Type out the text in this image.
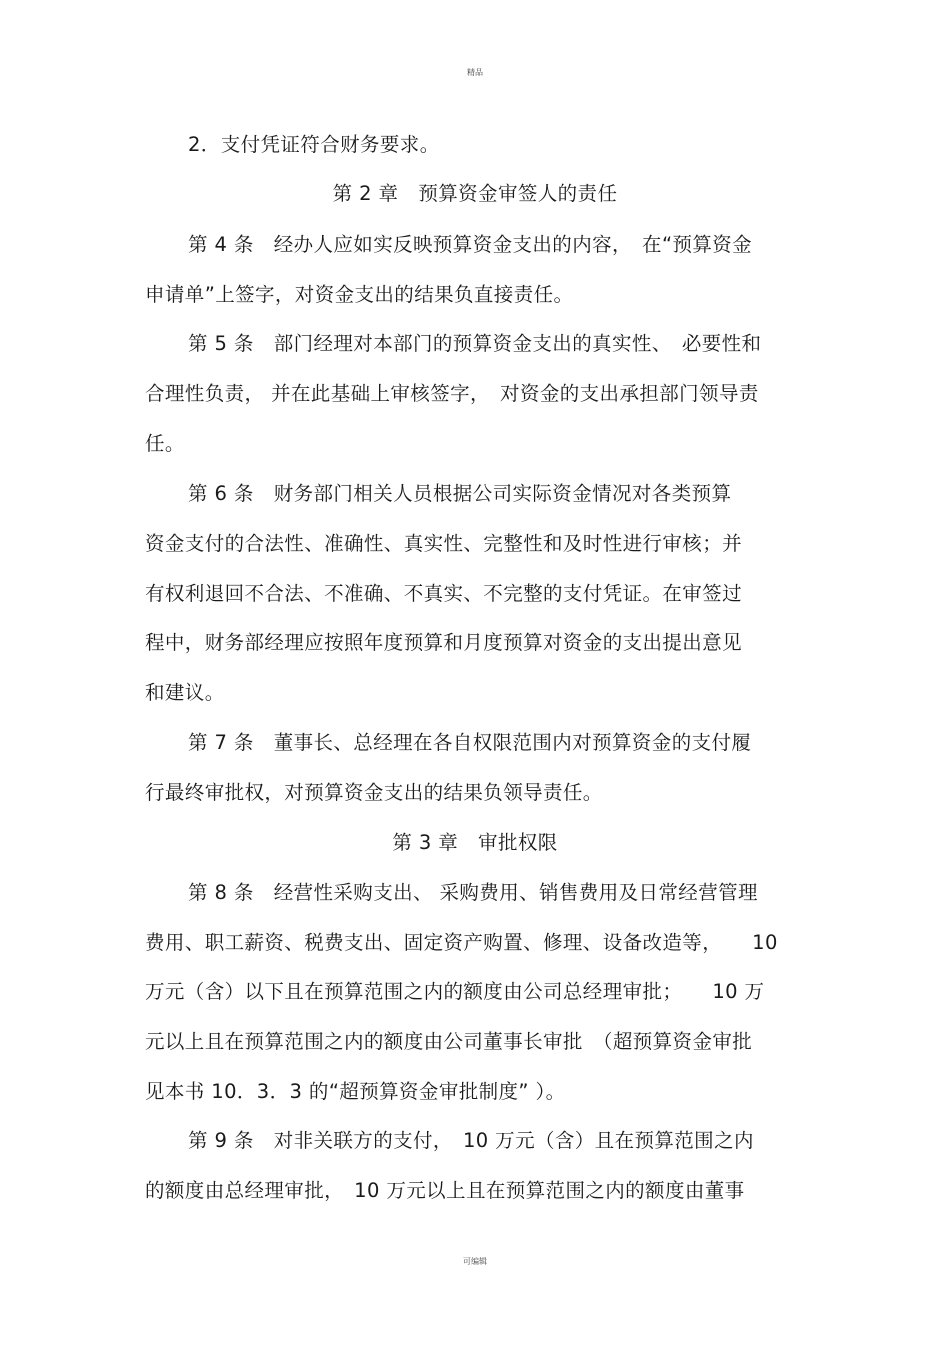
精品
2．支付凭证符合财务要求。
第 2 章　预算资金审签人的责任
第 4 条　经办人应如实反映预算资金支出的内容，　在“预算资金
申请单”上签字，对资金支出的结果负直接责任。
第 5 条　部门经理对本部门的预算资金支出的真实性、　必要性和
合理性负责， 并在此基础上审核签字，　对资金的支出承担部门领导责
任。
第 6 条　财务部门相关人员根据公司实际资金情况对各类预算
资金支付的合法性、准确性、真实性、完整性和及时性进行审核；并
有权利退回不合法、不准确、不真实、不完整的支付凭证。在审签过
程中，财务部经理应按照年度预算和月度预算对资金的支出提出意见
和建议。
第 7 条　董事长、总经理在各自权限范围内对预算资金的支付履
行最终审批权，对预算资金支出的结果负领导责任。
第 3 章　审批权限
第 8 条　经营性采购支出、 采购费用、销售费用及日常经营管理
费用、职工薪资、税费支出、固定资产购置、修理、设备改造等，　　10
万元（含）以下且在预算范围之内的额度由公司总经理审批；　　10 万
元以上且在预算范围之内的额度由公司董事长审批　（超预算资金审批
见本书 10．3．3 的“超预算资金审批制度” ）。
第 9 条　对非关联方的支付，　10 万元（含）且在预算范围之内
的额度由总经理审批，　10 万元以上且在预算范围之内的额度由董事
可编辑
